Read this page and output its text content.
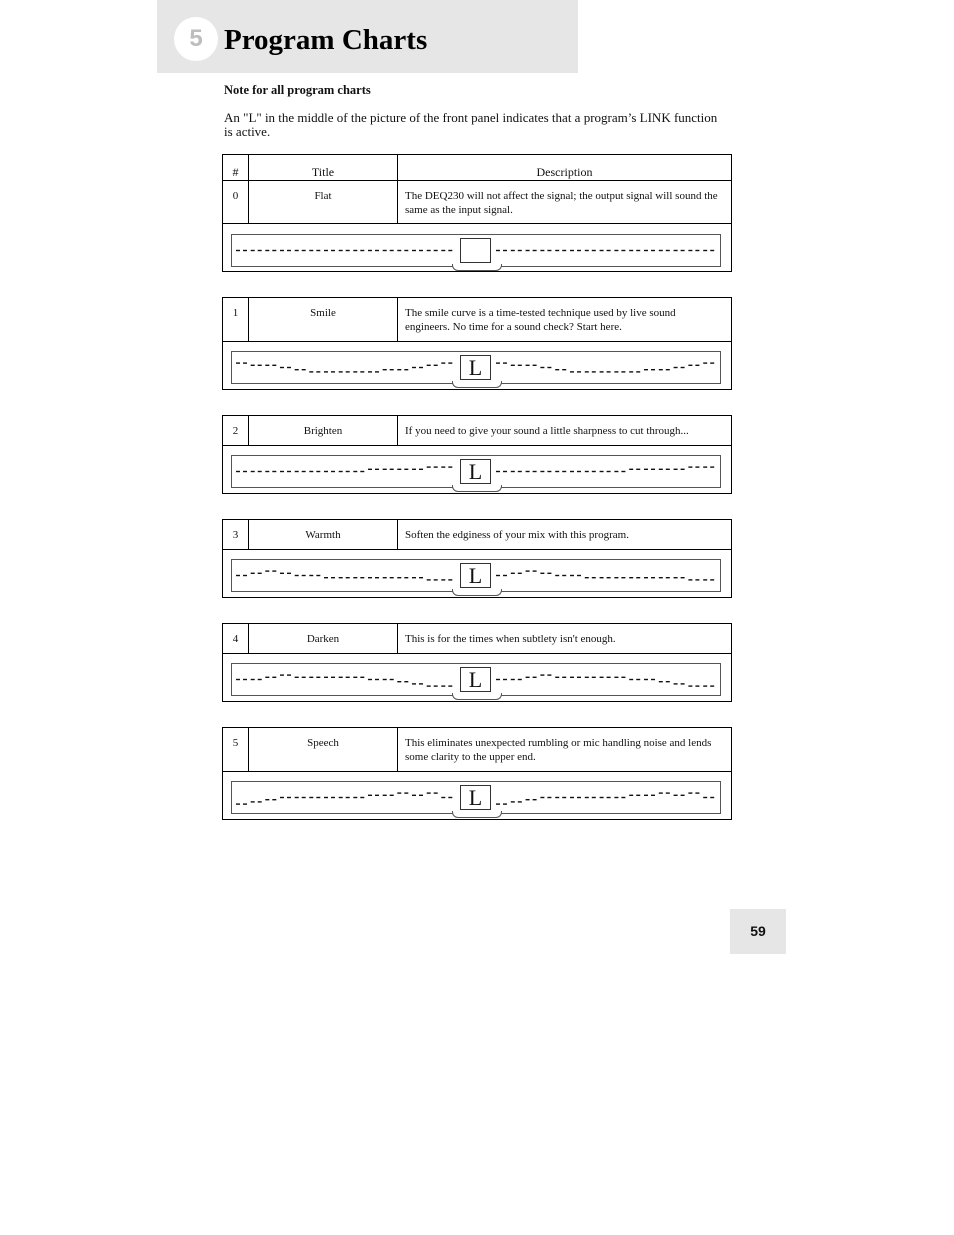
5 Program Charts
Note for all program charts
An "L" in the middle of the picture of the front panel indicates that a program’s LINK function is active.
#	Title	Description
0	Flat	The DEQ230 will not affect the signal; the output signal will sound the same as the input signal.
1	Smile	The smile curve is a time-tested technique used by live sound engineers. No time for a sound check? Start here.
L
2	Brighten	If you need to give your sound a little sharpness to cut through...
L
3	Warmth	Soften the edginess of your mix with this program.
L
4	Darken	This is for the times when subtlety isn't enough.
L
5	Speech	This eliminates unexpected rumbling or mic handling noise and lends some clarity to the upper end.
L
59
